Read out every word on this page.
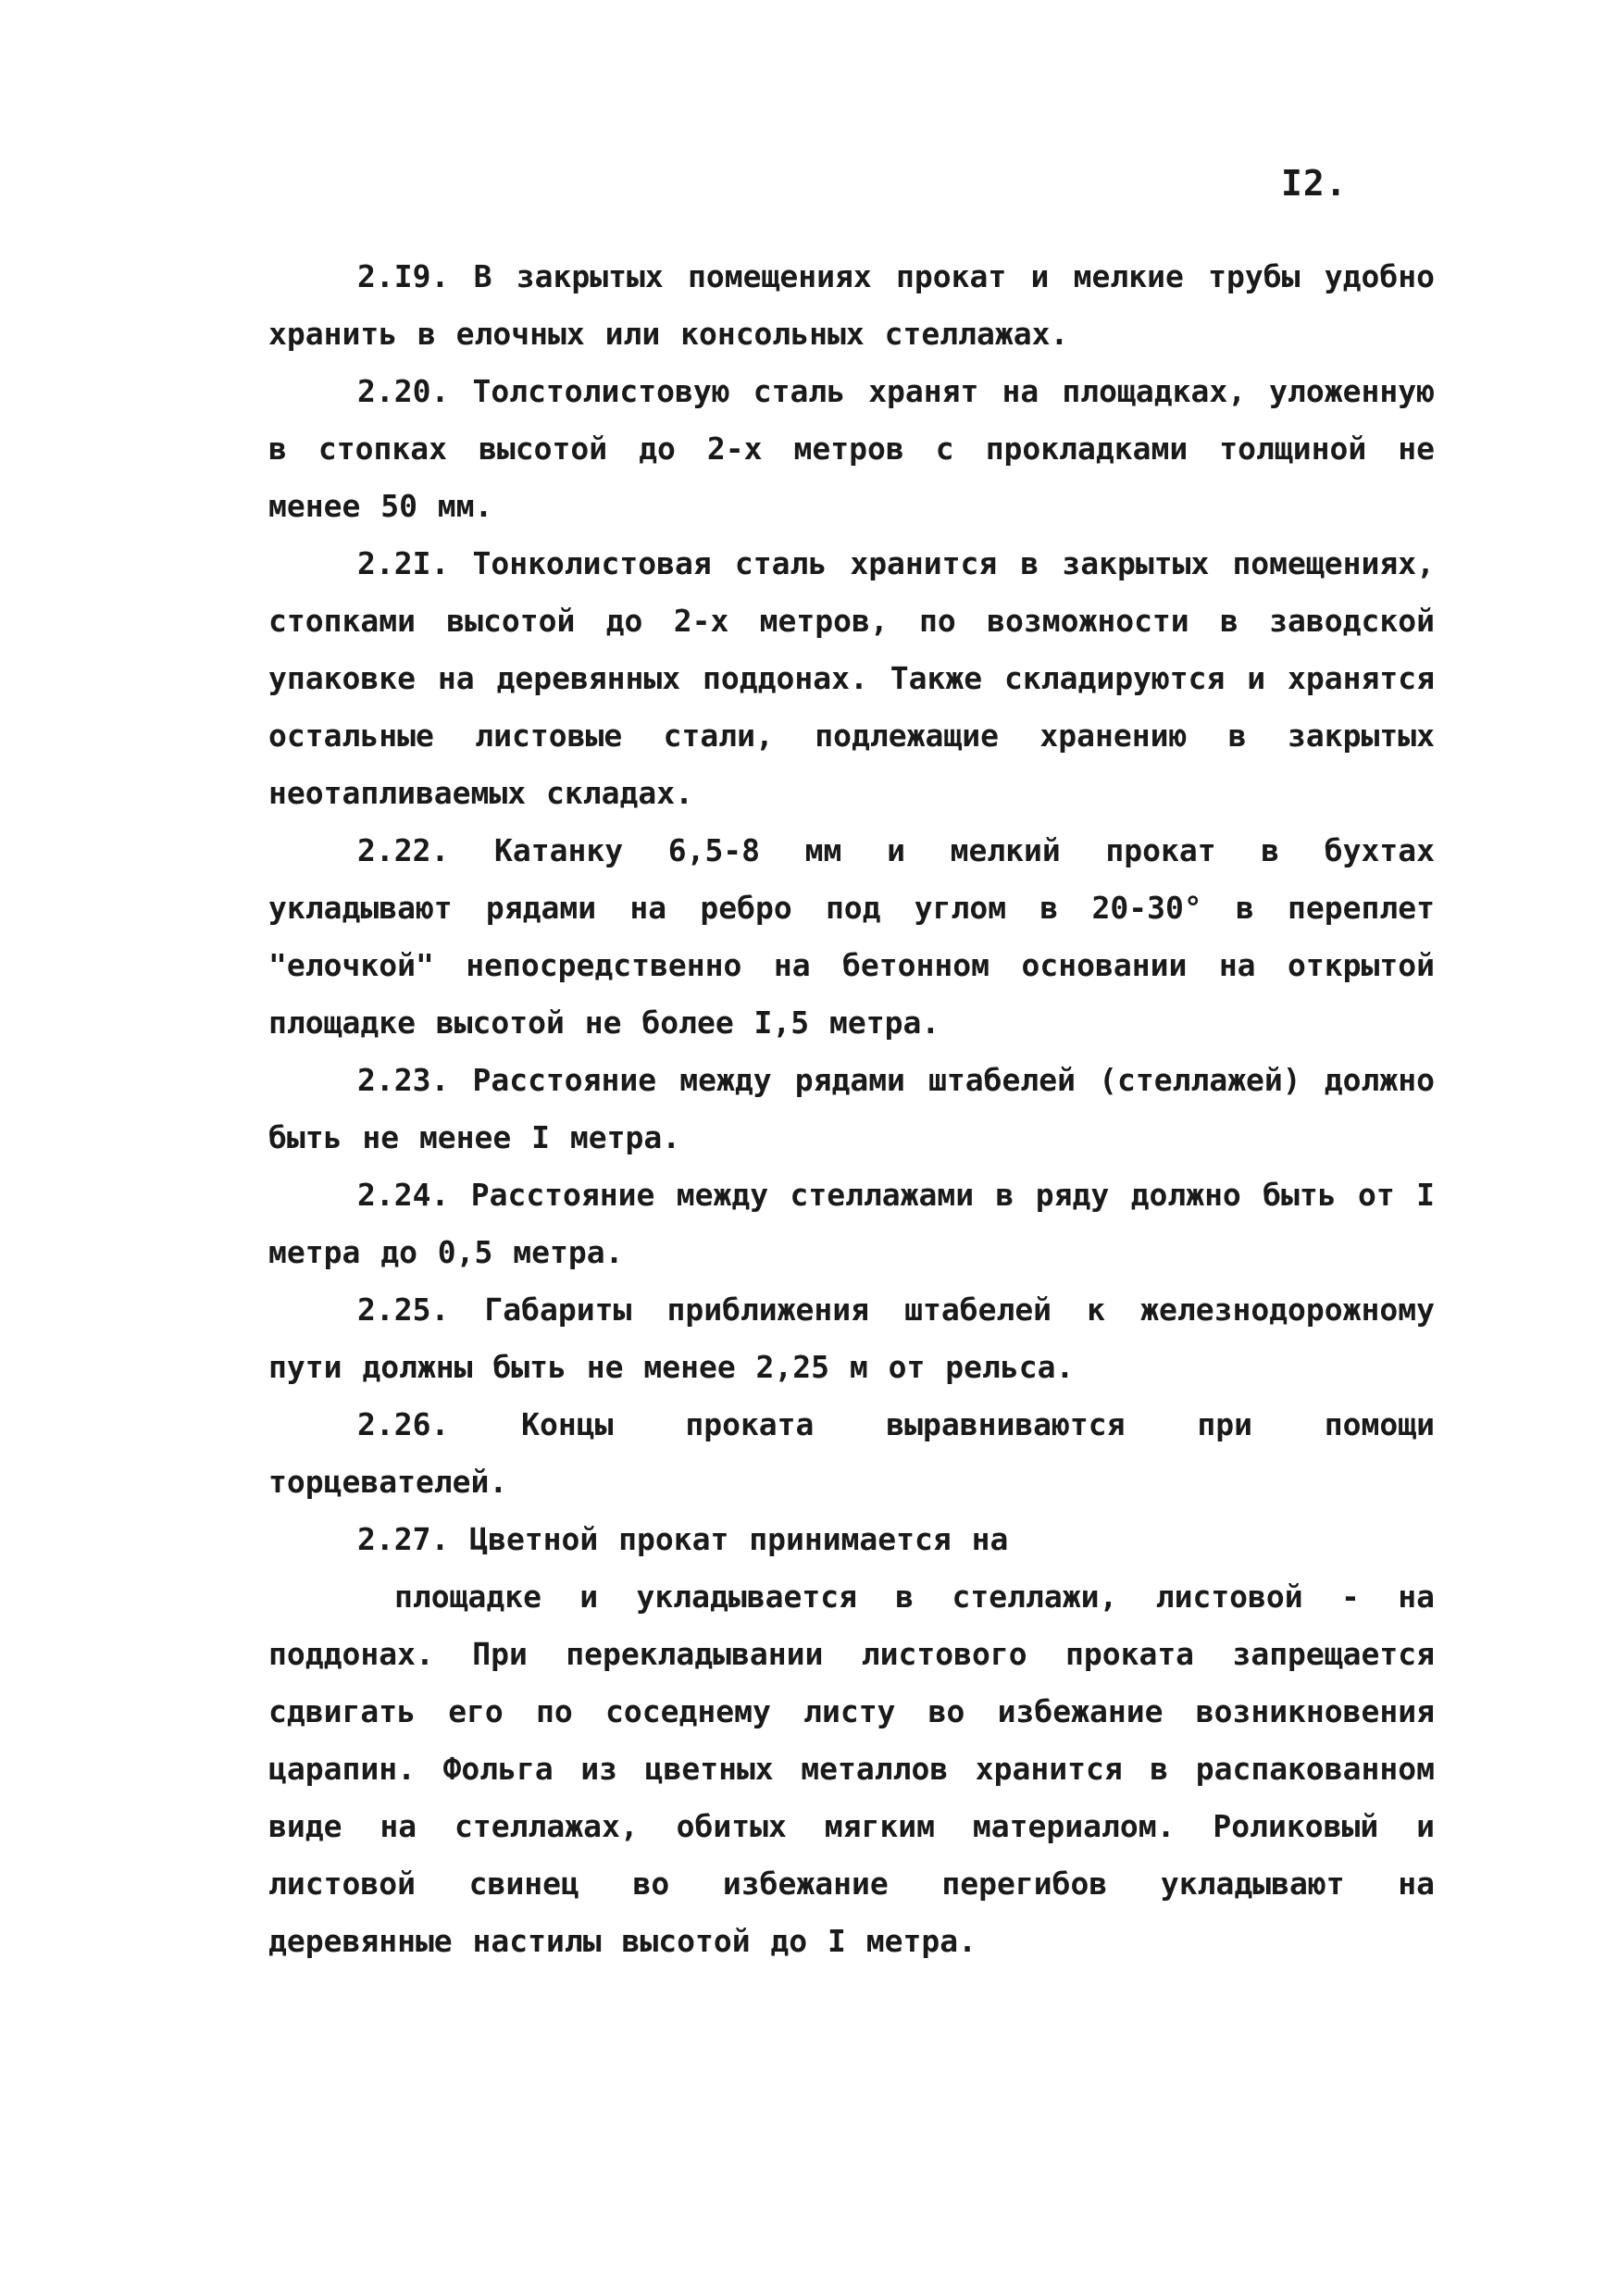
I2.

2.I9. В закрытых помещениях прокат и мелкие трубы удобно хранить в елочных или консольных стеллажах.

2.20. Толстолистовую сталь хранят на площадках, уложенную в стопках высотой до 2-х метров с прокладками толщиной не менее 50 мм.

2.2I. Тонколистовая сталь хранится в закрытых помещениях, стопками высотой до 2-х метров, по возможности в заводской упаковке на деревянных поддонах. Также складируются и хранятся остальные листовые стали, подлежащие хранению в закрытых неотапливаемых складах.

2.22. Катанку 6,5-8 мм и мелкий прокат в бухтах укладывают рядами на ребро под углом в 20-30° в переплет "елочкой" непосредственно на бетонном основании на открытой площадке высотой не более I,5 метра.

2.23. Расстояние между рядами штабелей (стеллажей) должно быть не менее I метра.

2.24. Расстояние между стеллажами в ряду должно быть от I метра до 0,5 метра.

2.25. Габариты приближения штабелей к железнодорожному пути должны быть не менее 2,25 м от рельса.

2.26. Концы проката выравниваются при помощи торцевателей.

2.27. Цветной прокат принимается на

площадке и укладывается в стеллажи, листовой - на поддонах. При перекладывании листового проката запрещается сдвигать его по соседнему листу во избежание возникновения царапин. Фольга из цветных металлов хранится в распакованном виде на стеллажах, обитых мягким материалом. Роликовый и листовой свинец во избежание перегибов укладывают на деревянные настилы высотой до I метра.
